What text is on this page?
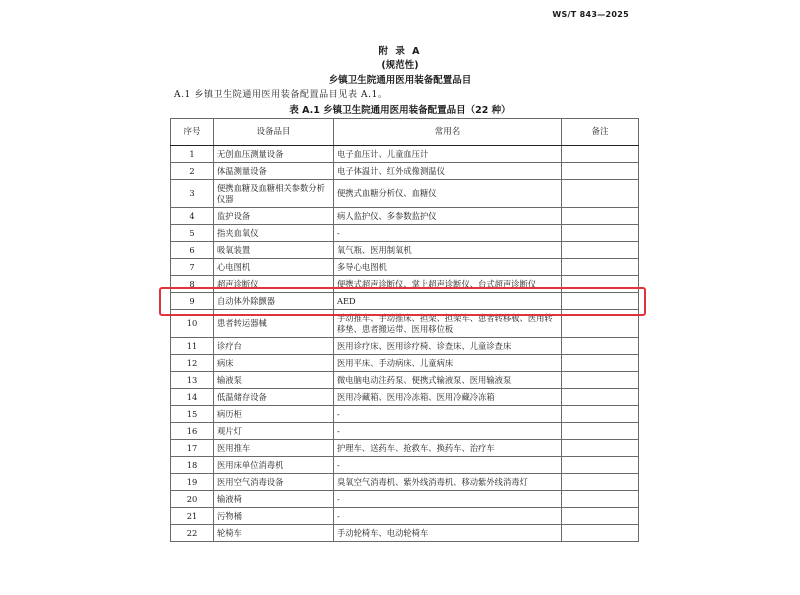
WS/T 843—2025
附 录 A
(规范性)
乡镇卫生院通用医用装备配置品目
A.1 乡镇卫生院通用医用装备配置品目见表 A.1。
表 A.1 乡镇卫生院通用医用装备配置品目（22 种）
序号	设备品目	常用名	备注
1	无创血压测量设备	电子血压计、儿童血压计	
2	体温测量设备	电子体温计、红外成像测温仪	
3	便携血糖及血糖相关参数分析仪器	便携式血糖分析仪、血糖仪	
4	监护设备	病人监护仪、多参数监护仪	
5	指夹血氧仪	-	
6	吸氧装置	氧气瓶、医用制氧机	
7	心电图机	多导心电图机	
8	超声诊断仪	便携式超声诊断仪、掌上超声诊断仪、台式超声诊断仪	
9	自动体外除颤器	AED	
10	患者转运器械	手动推车、手动推床、担架、担架车、患者转移板、医用转移垫、患者搬运带、医用移位板	
11	诊疗台	医用诊疗床、医用诊疗椅、诊查床、儿童诊查床	
12	病床	医用平床、手动病床、儿童病床	
13	输液泵	微电脑电动注药泵、便携式输液泵、医用输液泵	
14	低温储存设备	医用冷藏箱、医用冷冻箱、医用冷藏冷冻箱	
15	病历柜	-	
16	观片灯	-	
17	医用推车	护理车、送药车、抢救车、换药车、治疗车	
18	医用床单位消毒机	-	
19	医用空气消毒设备	臭氧空气消毒机、紫外线消毒机、移动紫外线消毒灯	
20	输液椅	-	
21	污物桶	-	
22	轮椅车	手动轮椅车、电动轮椅车	
